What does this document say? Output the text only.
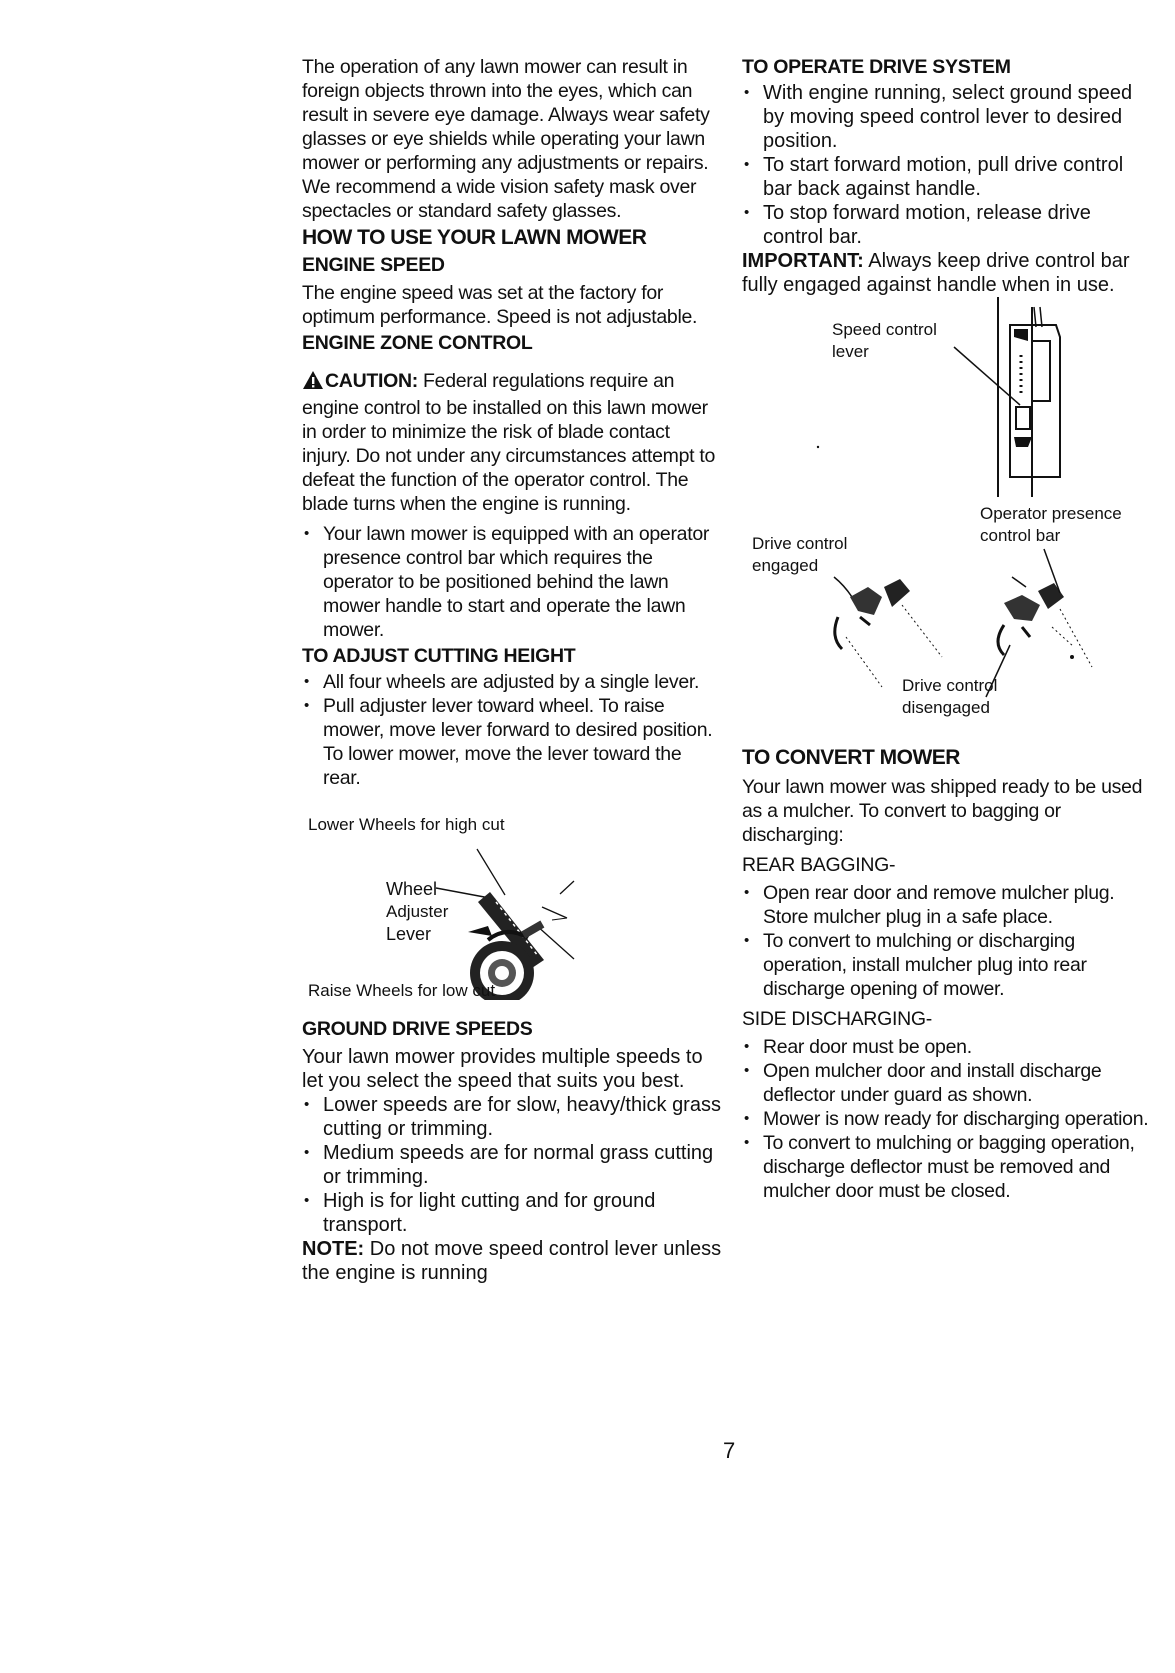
The operation of any lawn mower can result in foreign objects thrown into the eyes, which can result in severe eye damage. Always wear safety glasses or eye shields while operating your lawn mower or performing any adjustments or repairs. We recommend a wide vision safety mask over spectacles or standard safety glasses.

HOW TO USE YOUR LAWN MOWER
ENGINE SPEED

The engine speed was set at the factory for optimum performance. Speed is not adjustable.

ENGINE ZONE CONTROL

CAUTION: Federal regulations require an engine control to be installed on this lawn mower in order to minimize the risk of blade contact injury. Do not under any circumstances attempt to defeat the function of the operator control. The blade turns when the engine is running.

• Your lawn mower is equipped with an operator presence control bar which requires the operator to be positioned behind the lawn mower handle to start and operate the lawn mower.
TO ADJUST CUTTING HEIGHT
• All four wheels are adjusted by a single lever.
• Pull adjuster lever toward wheel. To raise mower, move lever forward to desired position. To lower mower, move the lever toward the rear.
Lower Wheels for high cut
Wheel
Adjuster
Lever
Raise Wheels for low cut
GROUND DRIVE SPEEDS

Your lawn mower provides multiple speeds to let you select the speed that suits you best.

• Lower speeds are for slow, heavy/thick grass cutting or trimming.
• Medium speeds are for normal grass cutting or trimming.
• High is for light cutting and for ground transport.

NOTE: Do not move speed control lever unless the engine is running

TO OPERATE DRIVE SYSTEM
• With engine running, select ground speed by moving speed control lever to desired position.
• To start forward motion, pull drive control bar back against handle.
• To stop forward motion, release drive control bar.

IMPORTANT: Always keep drive control bar fully engaged against handle when in use.

Speed control
lever
Operator presence
control bar
Drive control
engaged
Drive control
disengaged
TO CONVERT MOWER

Your lawn mower was shipped ready to be used as a mulcher. To convert to bagging or discharging:

REAR BAGGING-
• Open rear door and remove mulcher plug. Store mulcher plug in a safe place.
• To convert to mulching or discharging operation, install mulcher plug into rear discharge opening of mower.
SIDE DISCHARGING-
• Rear door must be open.
• Open mulcher door and install discharge deflector under guard as shown.
• Mower is now ready for discharging operation.
• To convert to mulching or bagging operation, discharge deflector must be removed and mulcher door must be closed.
7
